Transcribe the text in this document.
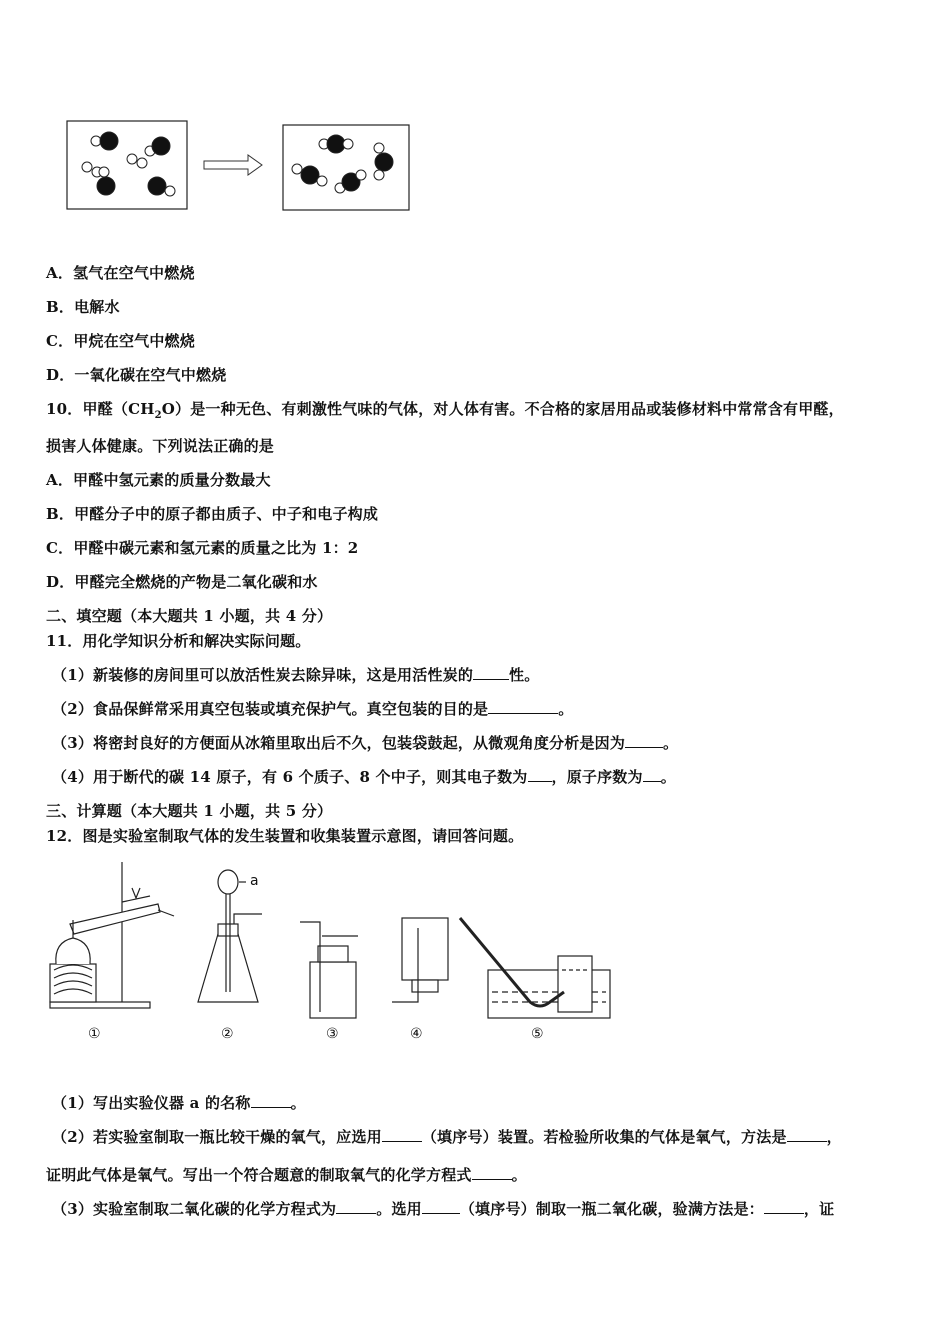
A．氢气在空气中燃烧
B．电解水
C．甲烷在空气中燃烧
D．一氧化碳在空气中燃烧
10．甲醛$(CH_2O)$是一种无色、有刺激性气味的气体，对人体有害。不合格的家居用品或装修材料中常常含有甲醛，
损害人体健康。下列说法正确的是
A．甲醛中氢元素的质量分数最大
B．甲醛分子中的原子都由质子、中子和电子构成
C．甲醛中碳元素和氢元素的质量之比为 1：2
D．甲醛完全燃烧的产物是二氧化碳和水
二、填空题（本大题共 1 小题，共 4 分）
11．用化学知识分析和解决实际问题。
（1）新装修的房间里可以放活性炭去除异味，这是用活性炭的 性。
（2）食品保鲜常采用真空包装或填充保护气。真空包装的目的是	。
（3）将密封良好的方便面从冰箱里取出后不久，包装袋鼓起，从微观角度分析是因为	。
（4）用于断代的碳 14 原子，有 6 个质子、8 个中子，则其电子数为 ，原子序数为 。
三、计算题（本大题共 1 小题，共 5 分）
12．图是实验室制取气体的发生装置和收集装置示意图，请回答问题。
a
①	②	③	④	⑤
（1）写出实验仪器 a 的名称	。
（2）若实验室制取一瓶比较干燥的氧气，应选用	（填序号）装置。若检验所收集的气体是氧气，方法是	，
证明此气体是氧气。写出一个符合题意的制取氧气的化学方程式	。
（3）实验室制取二氧化碳的化学方程式为	。选用	（填序号）制取一瓶二氧化碳，验满方法是：	，证
